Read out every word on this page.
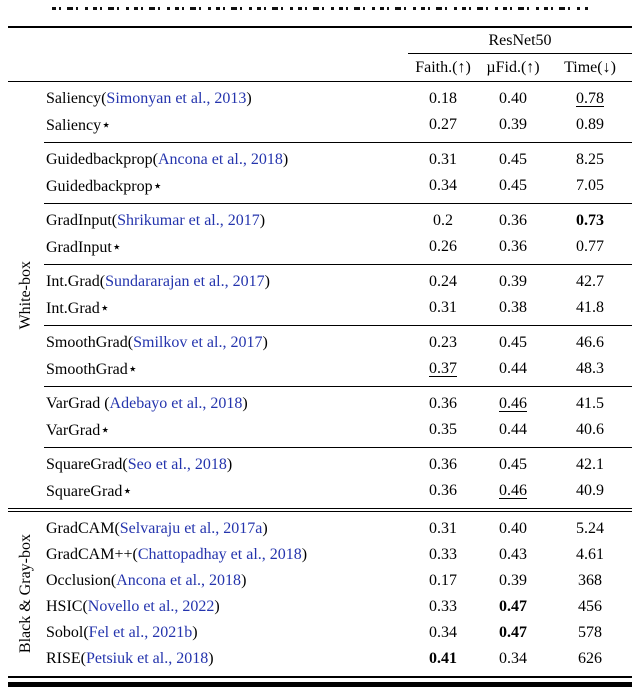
ResNet50
Faith.(↑) µFid.(↑)	Time(↓)
White-box
Saliency(Simonyan et al., 2013)	0.18	0.40	0.78
Saliency⋆	0.27	0.39	0.89
Guidedbackprop(Ancona et al., 2018)	0.31	0.45	8.25
Guidedbackprop⋆	0.34	0.45	7.05
GradInput(Shrikumar et al., 2017)	0.2	0.36	0.73
GradInput⋆	0.26	0.36	0.77
Int.Grad(Sundararajan et al., 2017)	0.24	0.39	42.7
Int.Grad⋆	0.31	0.38	41.8
SmoothGrad(Smilkov et al., 2017)	0.23	0.45	46.6
SmoothGrad⋆	0.37	0.44	48.3
VarGrad (Adebayo et al., 2018)	0.36	0.46	41.5
VarGrad⋆	0.35	0.44	40.6
SquareGrad(Seo et al., 2018)	0.36	0.45	42.1
SquareGrad⋆	0.36	0.46	40.9
Black & Gray-box
GradCAM(Selvaraju et al., 2017a)	0.31	0.40	5.24
GradCAM++(Chattopadhay et al., 2018)	0.33	0.43	4.61
Occlusion(Ancona et al., 2018)	0.17	0.39	368
HSIC(Novello et al., 2022)	0.33	0.47	456
Sobol(Fel et al., 2021b)	0.34	0.47	578
RISE(Petsiuk et al., 2018)	0.41	0.34	626
